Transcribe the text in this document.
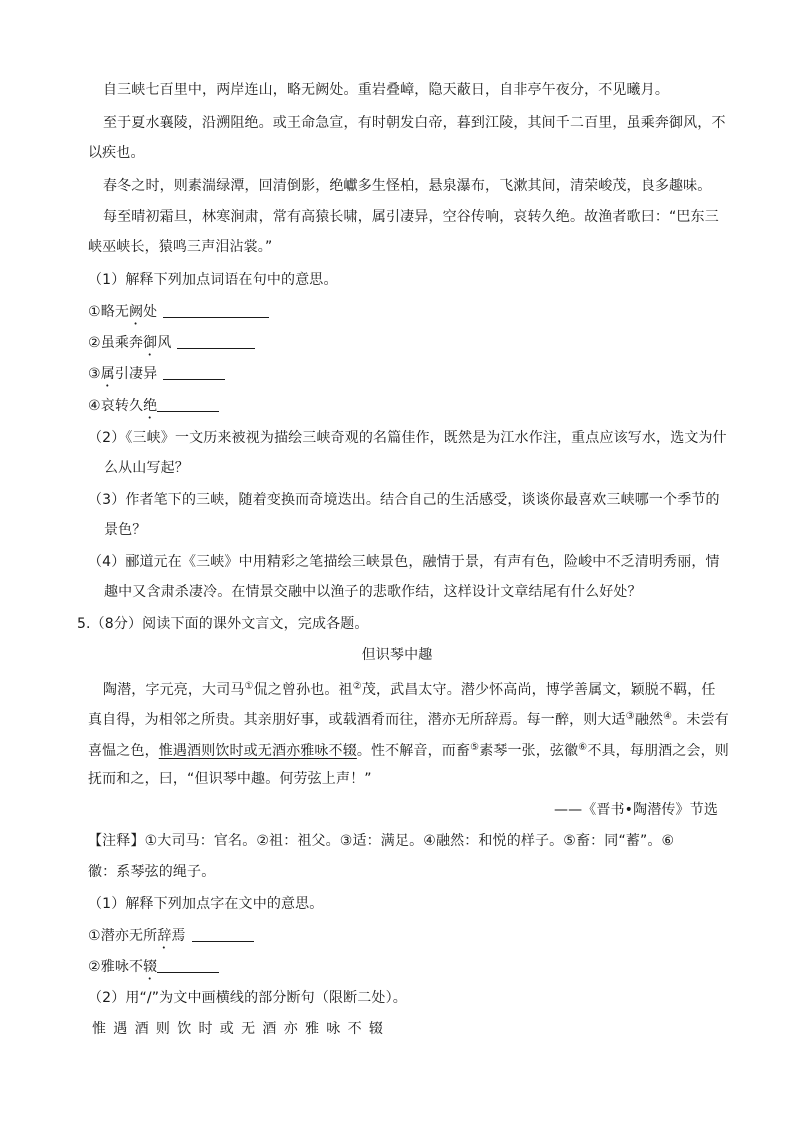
自三峡七百里中，两岸连山，略无阙处。重岩叠嶂，隐天蔽日，自非亭午夜分，不见曦月。
至于夏水襄陵，沿溯阻绝。或王命急宣，有时朝发白帝，暮到江陵，其间千二百里，虽乘奔御风，不
以疾也。
春冬之时，则素湍绿潭，回清倒影，绝巘多生怪柏，悬泉瀑布，飞漱其间，清荣峻茂，良多趣味。
每至晴初霜旦，林寒涧肃，常有高猿长啸，属引凄异，空谷传响，哀转久绝。故渔者歌曰：“巴东三
峡巫峡长，猿鸣三声泪沾裳。”
（1）解释下列加点词语在句中的意思。
①略无阙处
②虽乘奔御风
③属引凄异
④哀转久绝
（2）《三峡》一文历来被视为描绘三峡奇观的名篇佳作，既然是为江水作注，重点应该写水，选文为什
么从山写起？
（3）作者笔下的三峡，随着变换而奇境迭出。结合自己的生活感受，谈谈你最喜欢三峡哪一个季节的
景色？
（4）郦道元在《三峡》中用精彩之笔描绘三峡景色，融情于景，有声有色，险峻中不乏清明秀丽，情
趣中又含肃杀凄冷。在情景交融中以渔子的悲歌作结，这样设计文章结尾有什么好处？
5.（8分）阅读下面的课外文言文，完成各题。
但识琴中趣
陶潜，字元亮，大司马①侃之曾孙也。祖②茂，武昌太守。潜少怀高尚，博学善属文，颖脱不羁，任
真自得，为相邻之所贵。其亲朋好事，或载酒肴而往，潜亦无所辞焉。每一醉，则大适③融然④。未尝有
喜愠之色，惟遇酒则饮时或无酒亦雅咏不辍。性不解音，而畜⑤素琴一张，弦徽⑥不具，每朋酒之会，则
抚而和之，曰，“但识琴中趣。何劳弦上声！”
——《晋书•陶潜传》节选
【注释】①大司马：官名。②祖：祖父。③适：满足。④融然：和悦的样子。⑤畜：同“蓄”。⑥
徽：系琴弦的绳子。
（1）解释下列加点字在文中的意思。
①潜亦无所辞焉
②雅咏不辍
（2）用“/”为文中画横线的部分断句（限断二处）。
惟遇酒则饮时或无酒亦雅咏不辍
